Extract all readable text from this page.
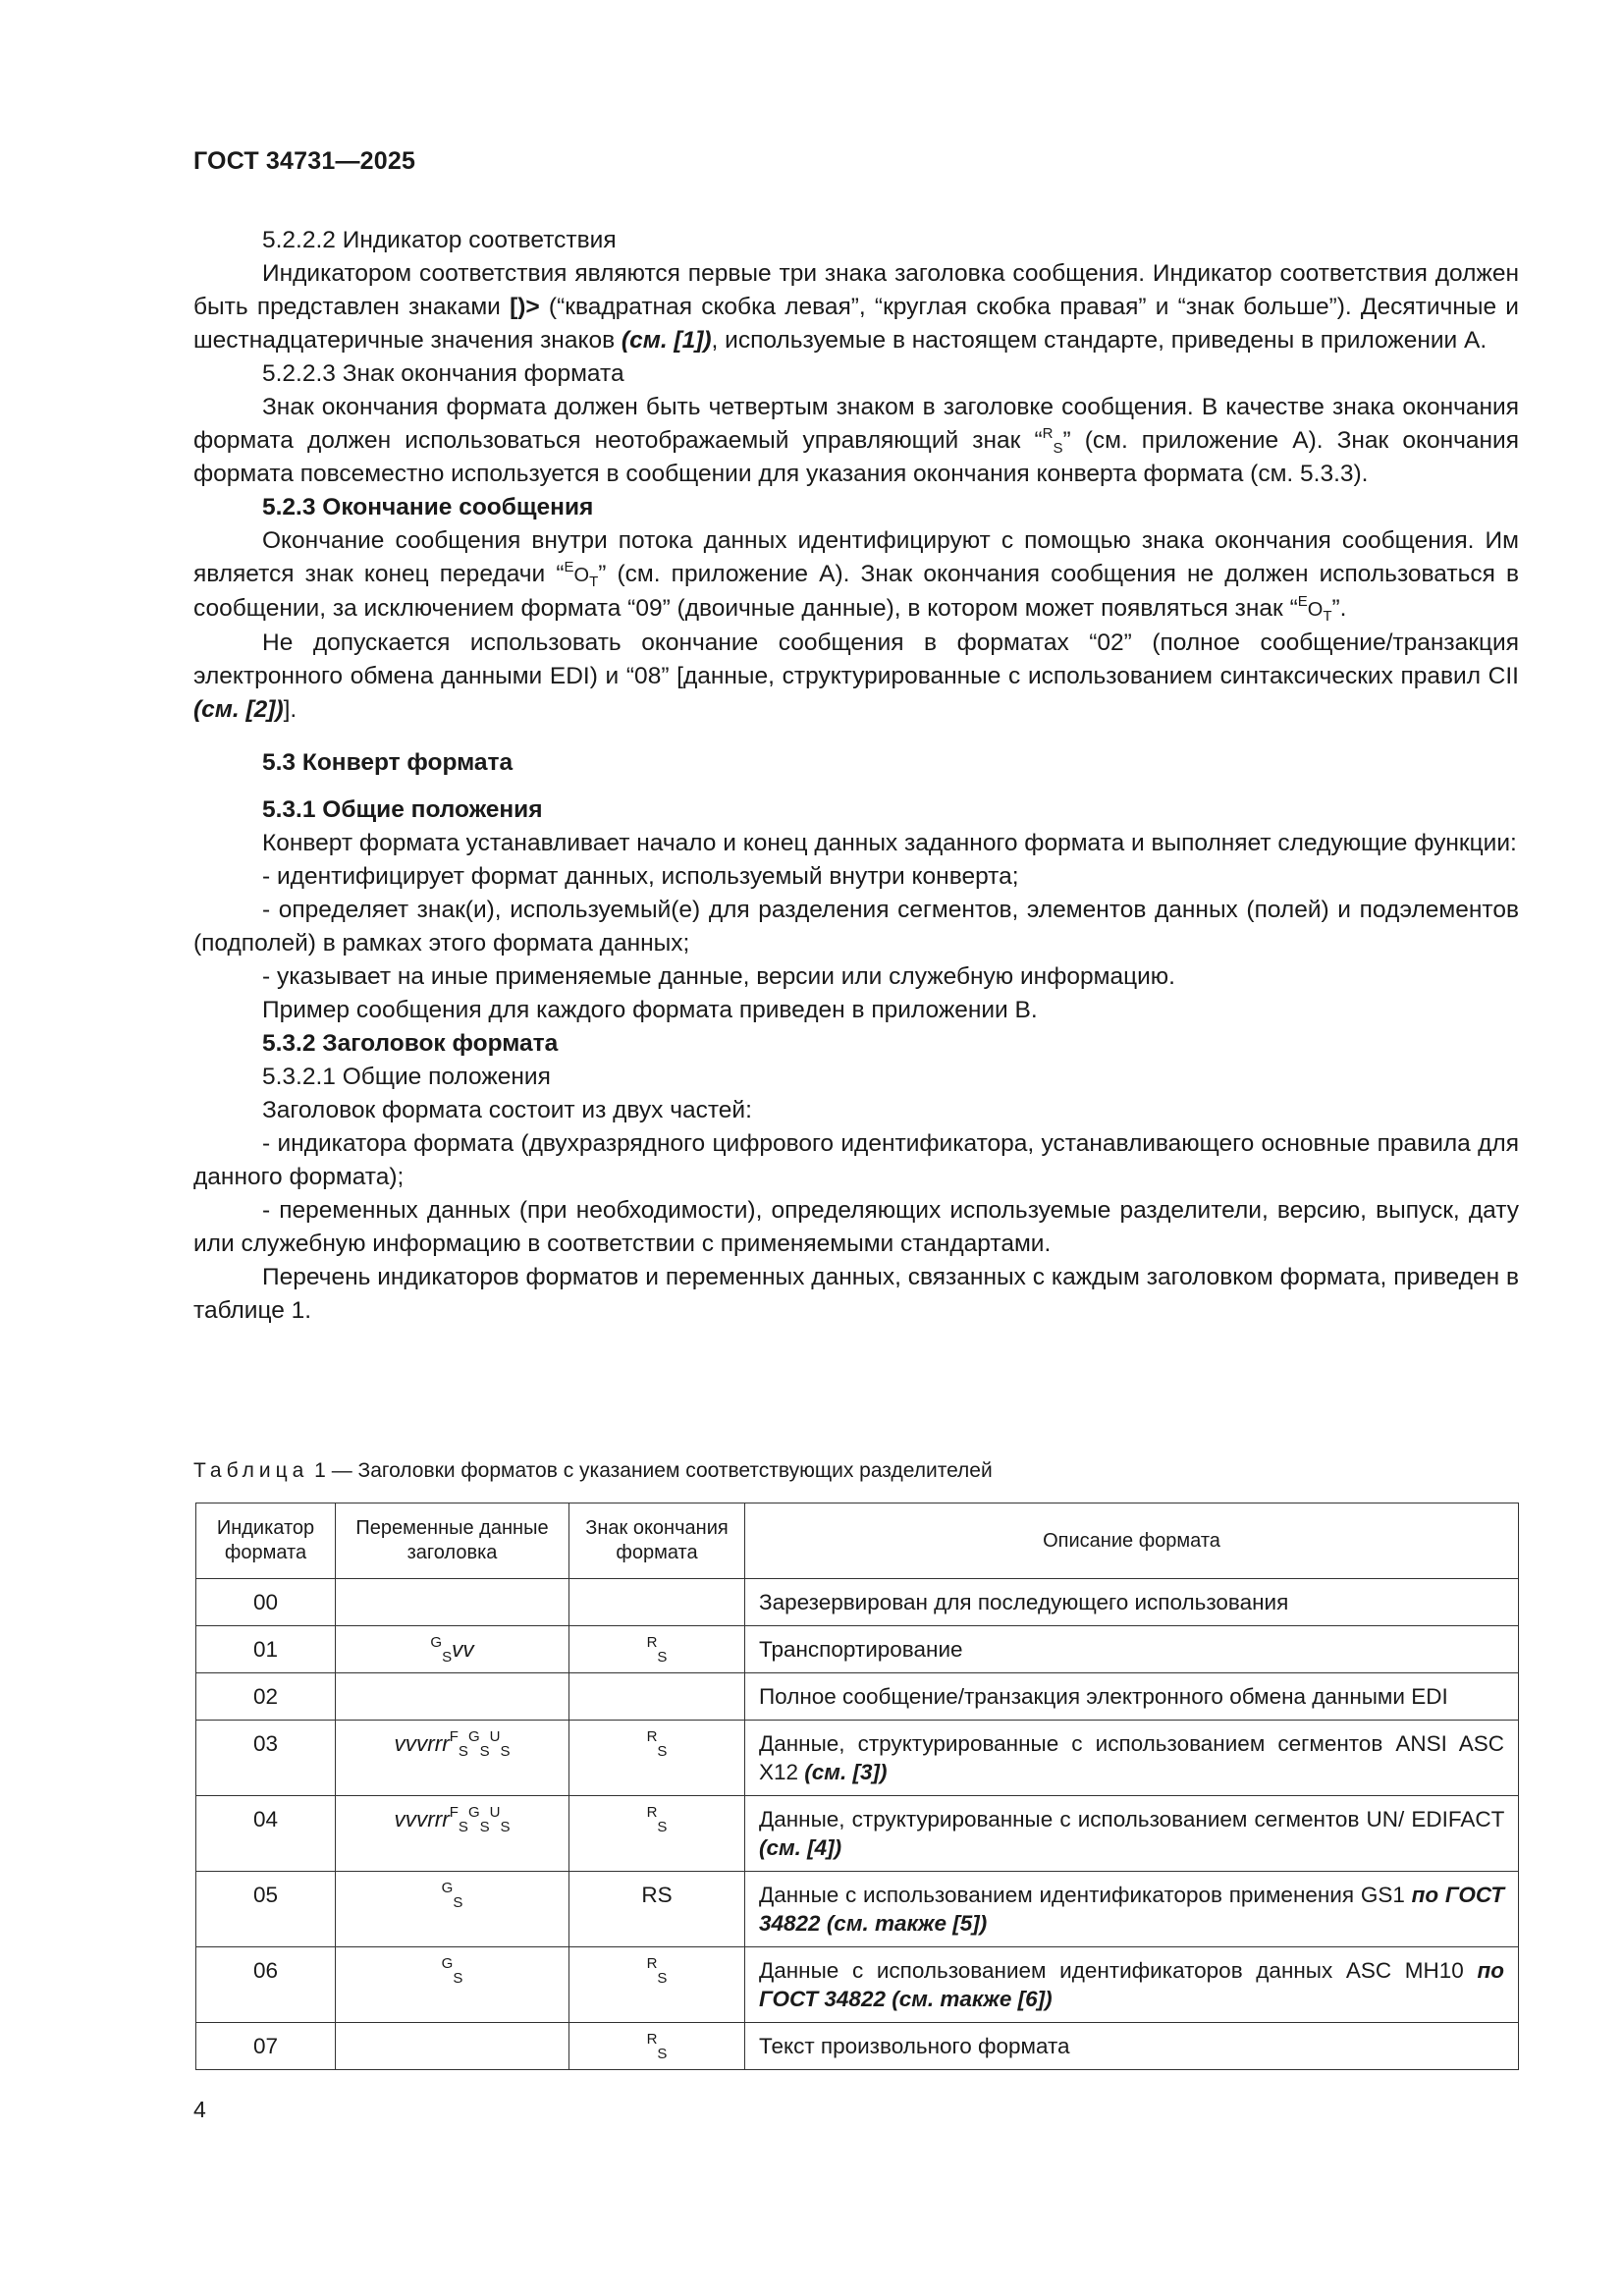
ГОСТ 34731—2025

5.2.2.2 Индикатор соответствия

Индикатором соответствия являются первые три знака заголовка сообщения. Индикатор соответствия должен быть представлен знаками [)> (“квадратная скобка левая”, “круглая скобка правая” и “знак больше”). Десятичные и шестнадцатеричные значения знаков (см. [1]), используемые в настоящем стандарте, приведены в приложении А.

5.2.2.3 Знак окончания формата

Знак окончания формата должен быть четвертым знаком в заголовке сообщения. В качестве знака окончания формата должен использоваться неотображаемый управляющий знак “$^R_S$” (см. приложение А). Знак окончания формата повсеместно используется в сообщении для указания окончания конверта формата (см. 5.3.3).

5.2.3 Окончание сообщения

Окончание сообщения внутри потока данных идентифицируют с помощью знака окончания сообщения. Им является знак конец передачи “$^EO_T$” (см. приложение А). Знак окончания сообщения не должен использоваться в сообщении, за исключением формата “09” (двоичные данные), в котором может появляться знак “$^EO_T$”.

Не допускается использовать окончание сообщения в форматах “02” (полное сообщение/транзакция электронного обмена данными EDI) и “08” [данные, структурированные с использованием синтаксических правил CII (см. [2])].

5.3 Конверт формата

5.3.1 Общие положения

Конверт формата устанавливает начало и конец данных заданного формата и выполняет следующие функции:

- идентифицирует формат данных, используемый внутри конверта;

- определяет знак(и), используемый(е) для разделения сегментов, элементов данных (полей) и подэлементов (подполей) в рамках этого формата данных;

- указывает на иные применяемые данные, версии или служебную информацию.

Пример сообщения для каждого формата приведен в приложении В.

5.3.2 Заголовок формата

5.3.2.1 Общие положения

Заголовок формата состоит из двух частей:

- индикатора формата (двухразрядного цифрового идентификатора, устанавливающего основные правила для данного формата);

- переменных данных (при необходимости), определяющих используемые разделители, версию, выпуск, дату или служебную информацию в соответствии с применяемыми стандартами.

Перечень индикаторов форматов и переменных данных, связанных с каждым заголовком формата, приведен в таблице 1.

Таблица 1 — Заголовки форматов с указанием соответствующих разделителей
Индикатор формата	Переменные данные заголовка	Знак окончания формата	Описание формата
00			Зарезервирован для последующего использования
01	$^G_S$vv	$^R_S$	Транспортирование
02			Полное сообщение/транзакция электронного обмена данными EDI
03	vvvrrr$^F_S^G_S^U_S$	$^R_S$	Данные, структурированные с использованием сегментов ANSI ASC X12 (см. [3])
04	vvvrrr$^F_S^G_S^U_S$	$^R_S$	Данные, структурированные с использованием сегментов UN/ EDIFACT (см. [4])
05	$^G_S$	RS	Данные с использованием идентификаторов применения GS1 по ГОСТ 34822 (см. также [5])
06	$^G_S$	$^R_S$	Данные с использованием идентификаторов данных ASC MH10 по ГОСТ 34822 (см. также [6])
07		$^R_S$	Текст произвольного формата
4
